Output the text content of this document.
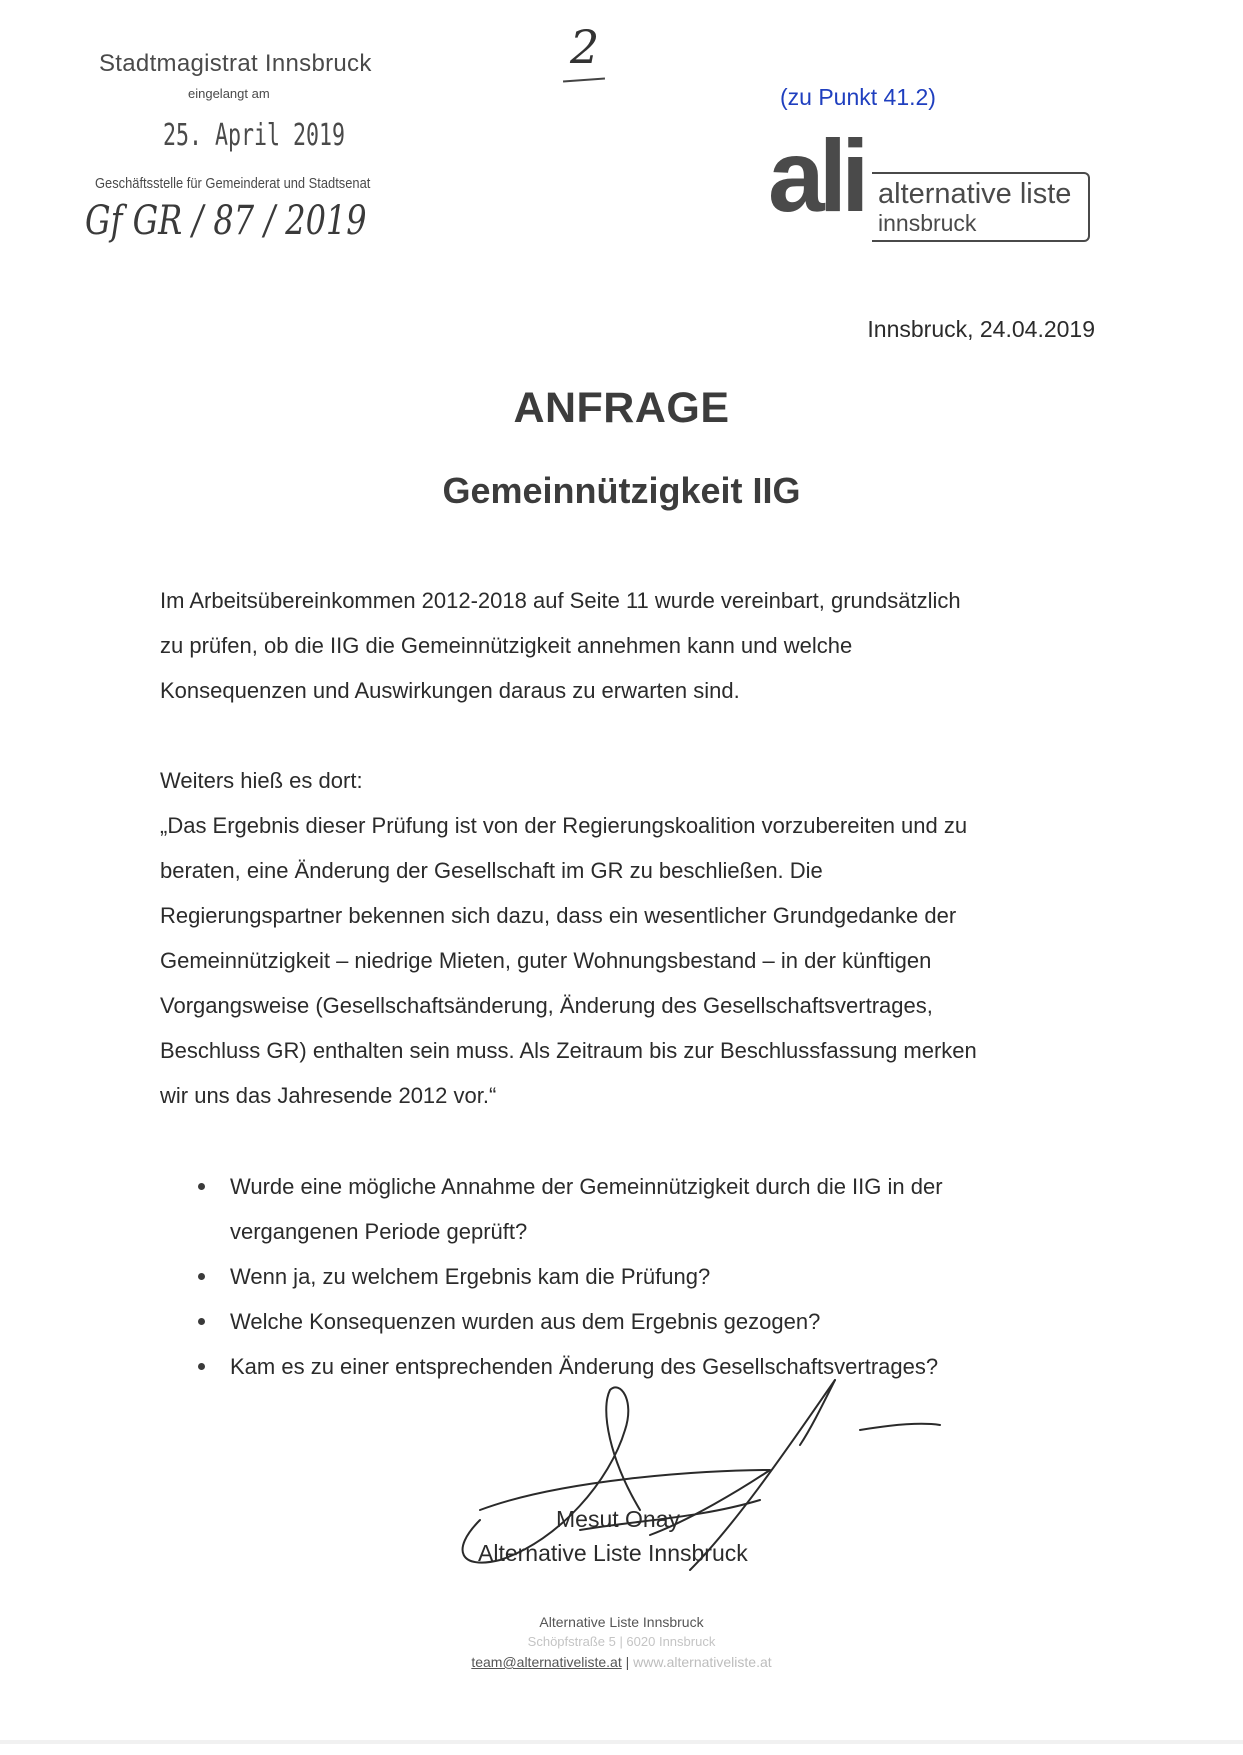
Stadtmagistrat Innsbruck
eingelangt am
25. April 2019
Geschäftsstelle für Gemeinderat und Stadtsenat
Gf GR / 87 / 2019
2
(zu Punkt 41.2)
ali alternative liste
innsbruck
Innsbruck, 24.04.2019
ANFRAGE
Gemeinnützigkeit IIG
Im Arbeitsübereinkommen 2012-2018 auf Seite 11 wurde vereinbart, grundsätzlich
zu prüfen, ob die IIG die Gemeinnützigkeit annehmen kann und welche
Konsequenzen und Auswirkungen daraus zu erwarten sind.
Weiters hieß es dort:
„Das Ergebnis dieser Prüfung ist von der Regierungskoalition vorzubereiten und zu
beraten, eine Änderung der Gesellschaft im GR zu beschließen. Die
Regierungspartner bekennen sich dazu, dass ein wesentlicher Grundgedanke der
Gemeinnützigkeit – niedrige Mieten, guter Wohnungsbestand – in der künftigen
Vorgangsweise (Gesellschaftsänderung, Änderung des Gesellschaftsvertrages,
Beschluss GR) enthalten sein muss. Als Zeitraum bis zur Beschlussfassung merken
wir uns das Jahresende 2012 vor.“
Wurde eine mögliche Annahme der Gemeinnützigkeit durch die IIG in der
vergangenen Periode geprüft?
Wenn ja, zu welchem Ergebnis kam die Prüfung?
Welche Konsequenzen wurden aus dem Ergebnis gezogen?
Kam es zu einer entsprechenden Änderung des Gesellschaftsvertrages?
Mesut Onay
Alternative Liste Innsbruck
Alternative Liste Innsbruck
Schöpfstraße 5 | 6020 Innsbruck
team@alternativeliste.at | www.alternativeliste.at
